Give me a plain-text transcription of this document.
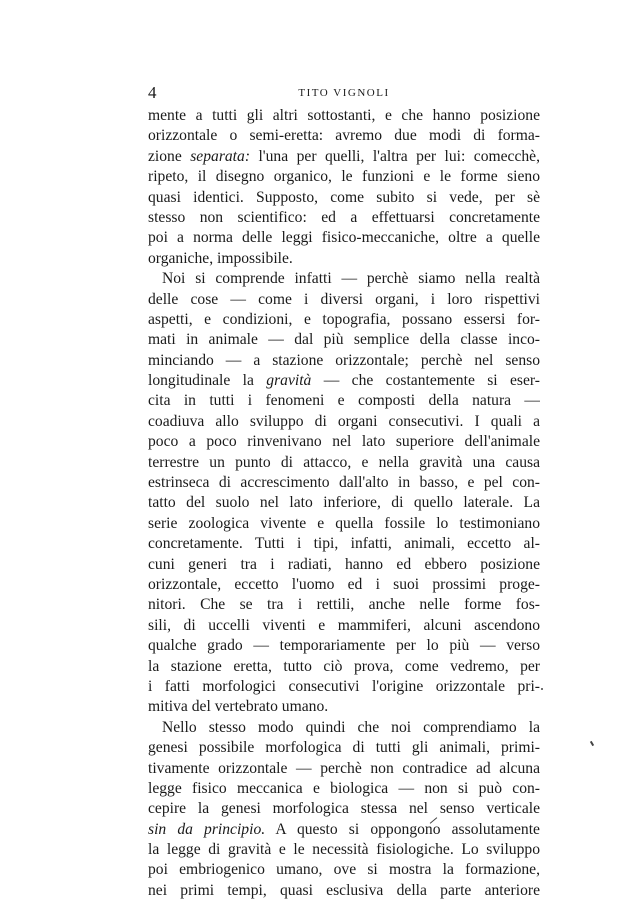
4	TITO VIGNOLI
mente a tutti gli altri sottostanti, e che hanno posizione
orizzontale o semi-eretta: avremo due modi di forma-
zione separata: l'una per quelli, l'altra per lui: comecchè,
ripeto, il disegno organico, le funzioni e le forme sieno
quasi identici. Supposto, come subito si vede, per sè
stesso non scientifico: ed a effettuarsi concretamente
poi a norma delle leggi fisico-meccaniche, oltre a quelle
organiche, impossibile.
Noi si comprende infatti — perchè siamo nella realtà
delle cose — come i diversi organi, i loro rispettivi
aspetti, e condizioni, e topografia, possano essersi for-
mati in animale — dal più semplice della classe inco-
minciando — a stazione orizzontale; perchè nel senso
longitudinale la gravità — che costantemente si eser-
cita in tutti i fenomeni e composti della natura —
coadiuva allo sviluppo di organi consecutivi. I quali a
poco a poco rinvenivano nel lato superiore dell'animale
terrestre un punto di attacco, e nella gravità una causa
estrinseca di accrescimento dall'alto in basso, e pel con-
tatto del suolo nel lato inferiore, di quello laterale. La
serie zoologica vivente e quella fossile lo testimoniano
concretamente. Tutti i tipi, infatti, animali, eccetto al-
cuni generi tra i radiati, hanno ed ebbero posizione
orizzontale, eccetto l'uomo ed i suoi prossimi proge-
nitori. Che se tra i rettili, anche nelle forme fos-
sili, di uccelli viventi e mammiferi, alcuni ascendono
qualche grado — temporariamente per lo più — verso
la stazione eretta, tutto ciò prova, come vedremo, per
i fatti morfologici consecutivi l'origine orizzontale pri-
mitiva del vertebrato umano.
Nello stesso modo quindi che noi comprendiamo la
genesi possibile morfologica di tutti gli animali, primi-
tivamente orizzontale — perchè non contradice ad alcuna
legge fisico meccanica e biologica — non si può con-
cepire la genesi morfologica stessa nel senso verticale
sin da principio. A questo si oppongono assolutamente
la legge di gravità e le necessità fisiologiche. Lo sviluppo
poi embriogenico umano, ove si mostra la formazione,
nei primi tempi, quasi esclusiva della parte anteriore
